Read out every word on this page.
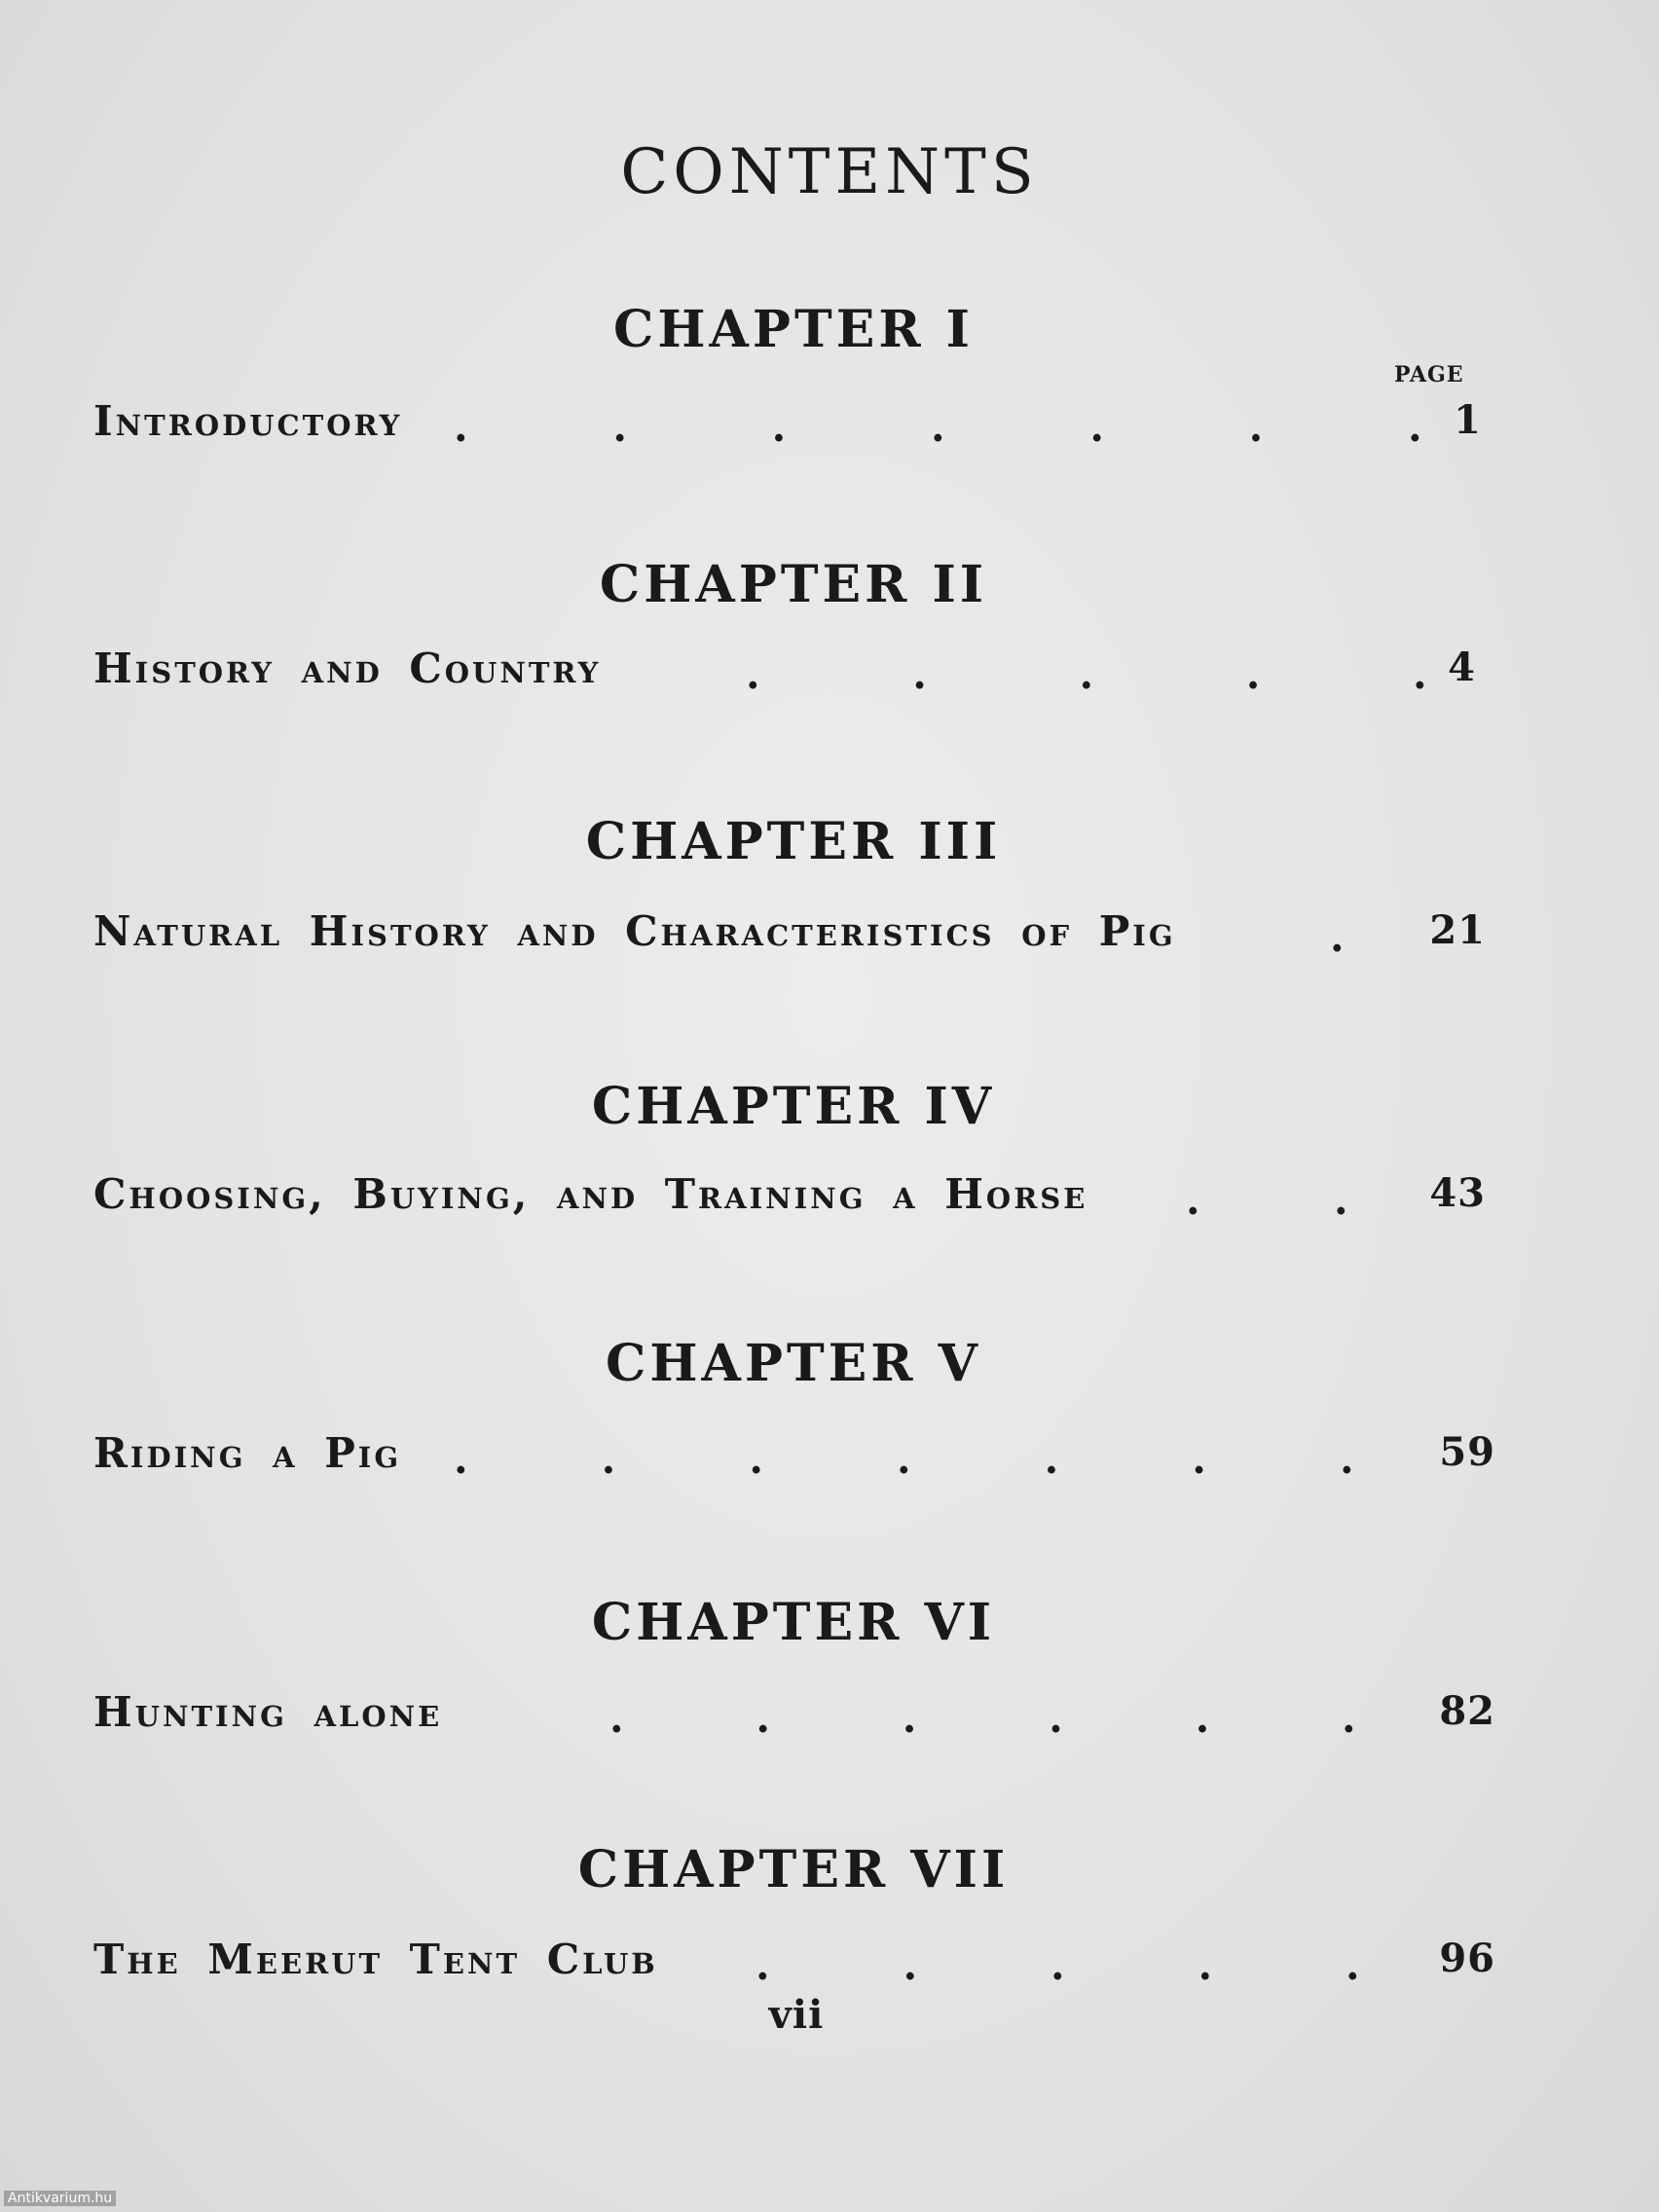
CONTENTS
PAGE
CHAPTER I
Introductory .	.	.	.	.	.	. 1
CHAPTER II
History and Country	.	.	.	.	. 4
CHAPTER III
Natural History and Characteristics of Pig	. 21
CHAPTER IV
Choosing, Buying, and Training a Horse .	. 43
CHAPTER V
Riding a Pig .	.	.	.	.	.	. 59
CHAPTER VI
Hunting alone	.	.	.	.	.	. 82
CHAPTER VII
The Meerut Tent Club .	.	.	.	. 96
vii
Antikvarium.hu
